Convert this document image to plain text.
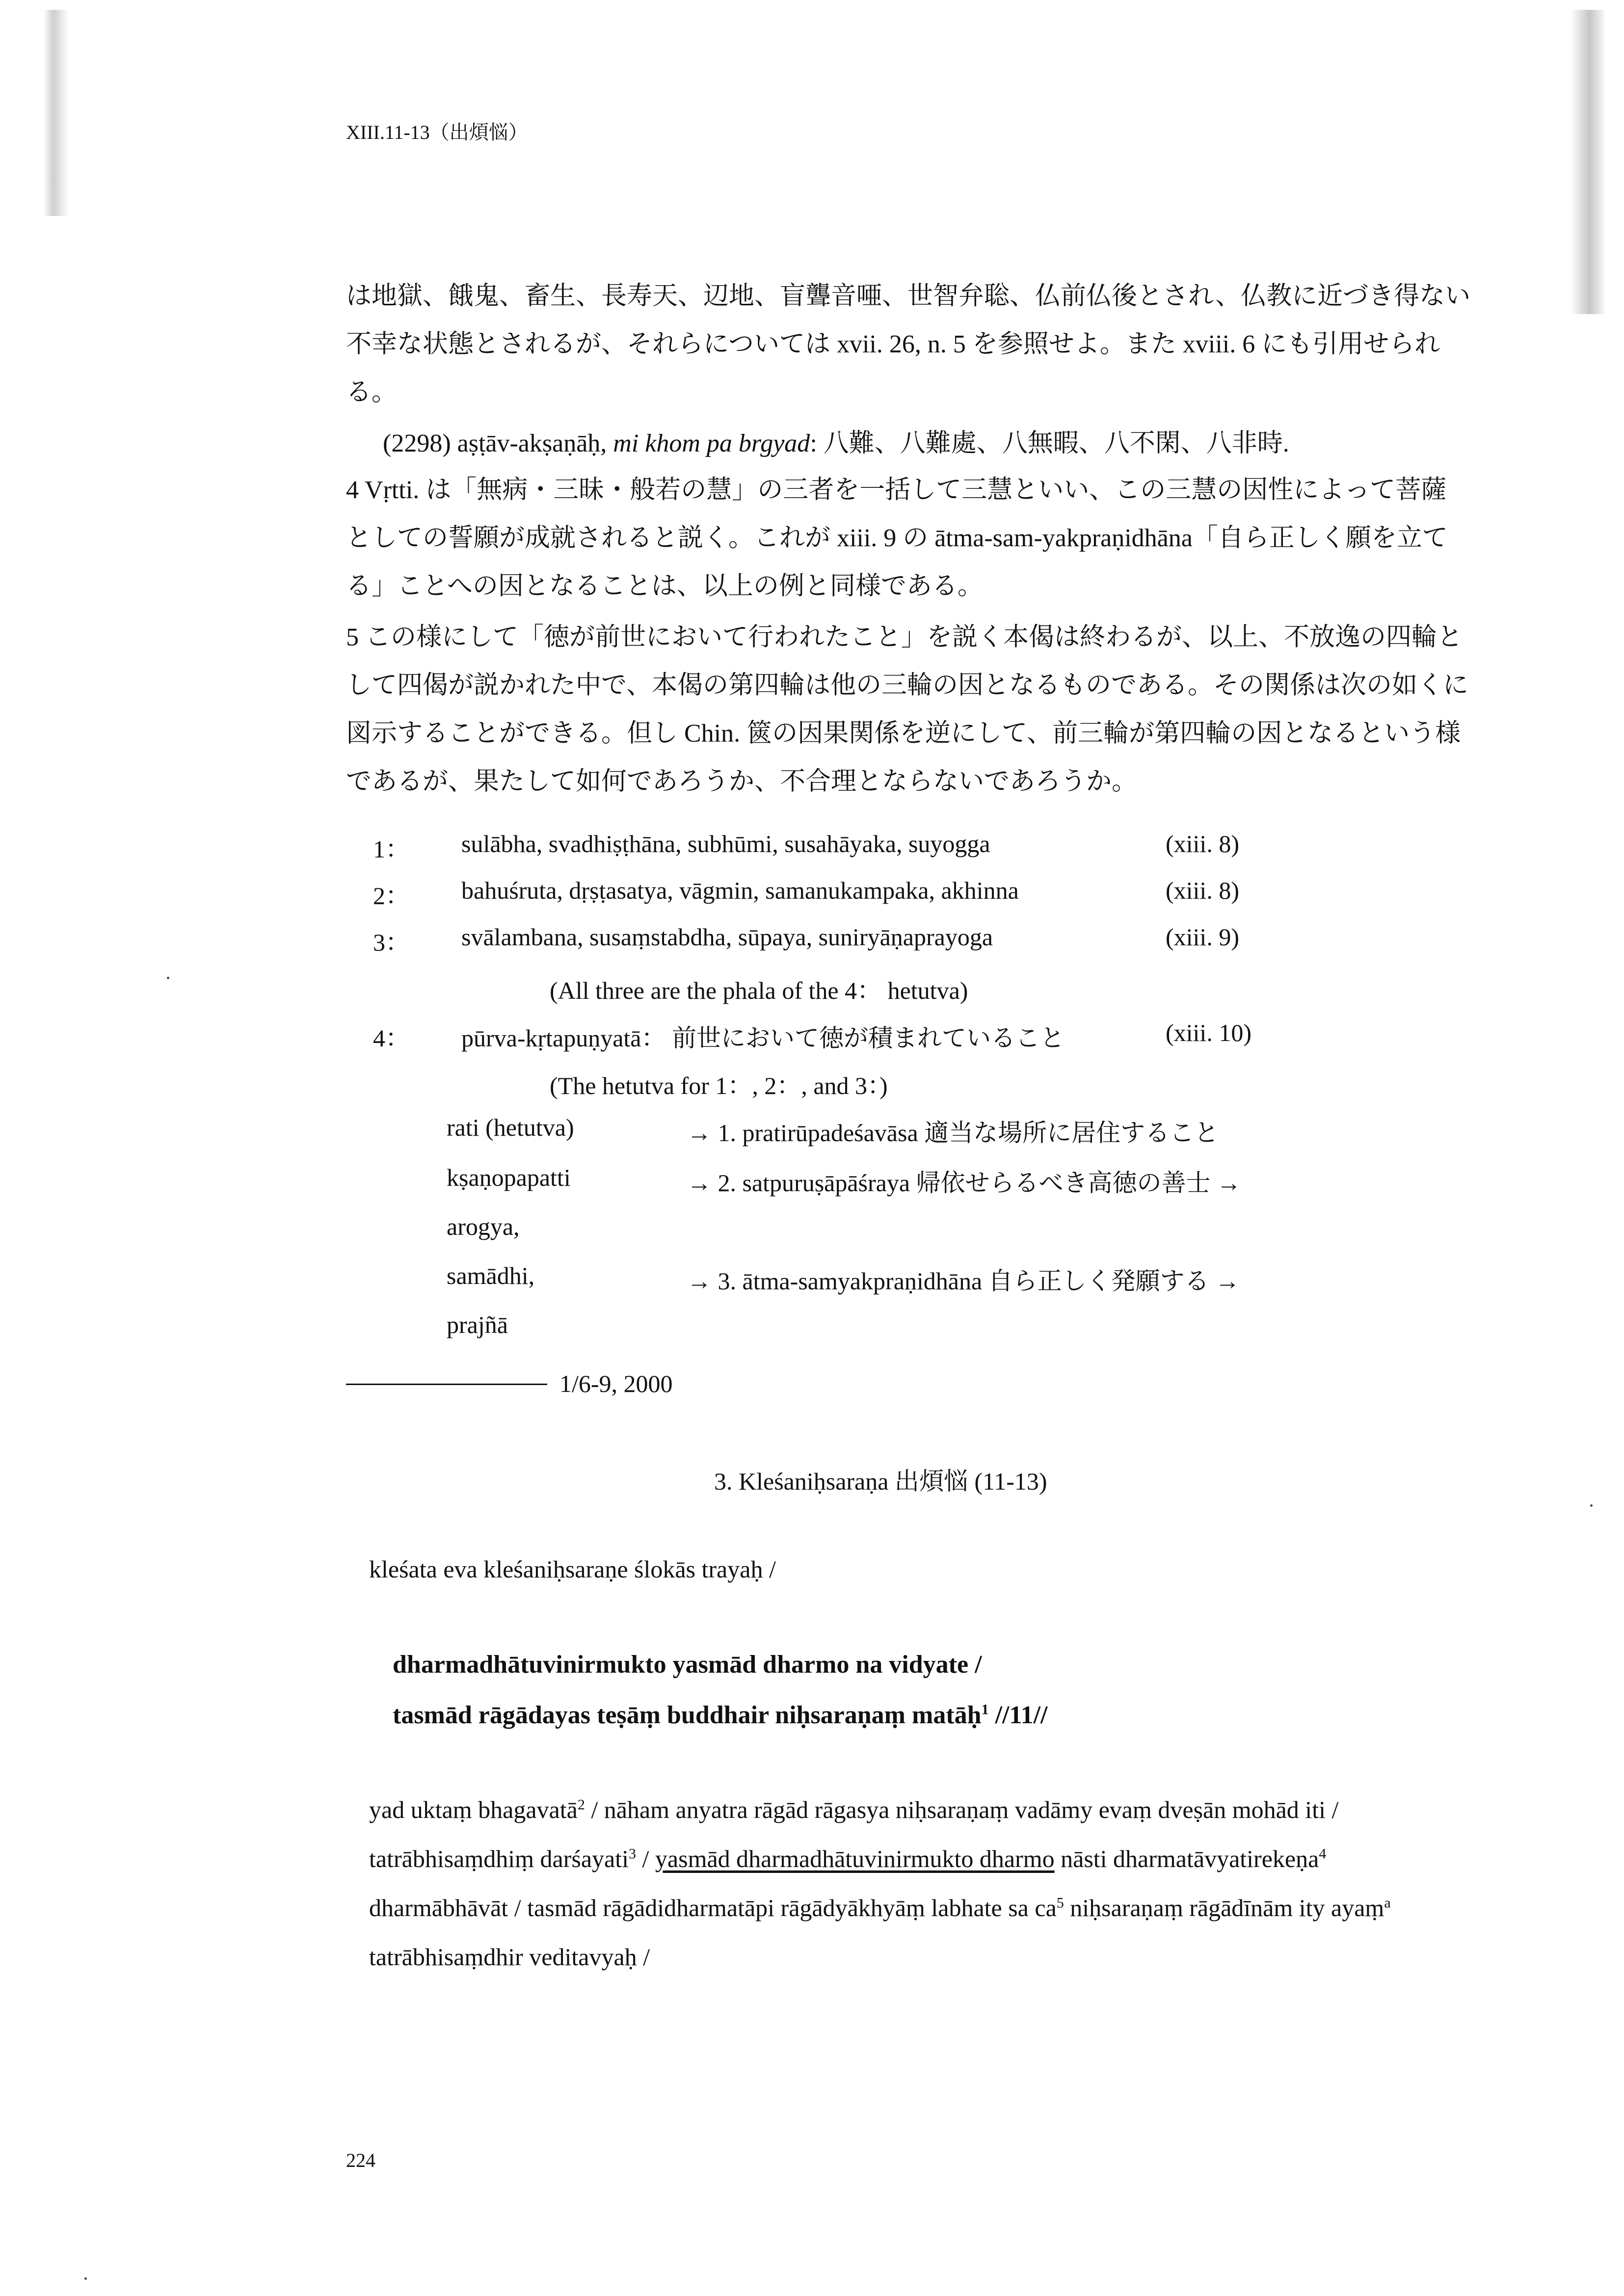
XIII.11-13（出煩悩）
は地獄、餓鬼、畜生、長寿天、辺地、盲聾音唖、世智弁聡、仏前仏後とされ、仏教に近づき得ない
不幸な状態とされるが、それらについては xvii. 26, n. 5 を参照せよ。また xviii. 6 にも引用せられ
る。
(2298) aṣṭāv-akṣaṇāḥ, mi khom pa brgyad: 八難、八難處、八無暇、八不閑、八非時.
4 Vṛtti. は「無病・三昧・般若の慧」の三者を一括して三慧といい、この三慧の因性によって菩薩
としての誓願が成就されると説く。これが xiii. 9 の ātma-sam-yakpraṇidhāna「自ら正しく願を立て
る」ことへの因となることは、以上の例と同様である。
5 この様にして「徳が前世において行われたこと」を説く本偈は終わるが、以上、不放逸の四輪と
して四偈が説かれた中で、本偈の第四輪は他の三輪の因となるものである。その関係は次の如くに
図示することができる。但し Chin. 篋の因果関係を逆にして、前三輪が第四輪の因となるという様
であるが、果たして如何であろうか、不合理とならないであろうか。
1： sulābha, svadhiṣṭhāna, subhūmi, susahāyaka, suyogga	(xiii. 8)
2： bahuśruta, dṛṣṭasatya, vāgmin, samanukampaka, akhinna	(xiii. 8)
3： svālambana, susaṃstabdha, sūpaya, suniryāṇaprayoga	(xiii. 9)
(All three are the phala of the 4： hetutva)
4： pūrva-kṛtapuṇyatā： 前世において徳が積まれていること	(xiii. 10)
(The hetutva for 1：, 2：, and 3：)
rati (hetutva)	→ 1. pratirūpadeśavāsa 適当な場所に居住すること
kṣaṇopapatti	→ 2. satpuruṣāpāśraya 帰依せらるべき高徳の善士 →
arogya,
samādhi,	→ 3. ātma-samyakpraṇidhāna 自ら正しく発願する →
prajñā
1/6-9, 2000
3. Kleśaniḥsaraṇa 出煩悩 (11-13)
kleśata eva kleśaniḥsaraṇe ślokās trayaḥ /
dharmadhātuvinirmukto yasmād dharmo na vidyate /
tasmād rāgādayas teṣāṃ buddhair niḥsaraṇaṃ matāḥ$^1$ //11//
yad uktaṃ bhagavatā$^2$ / nāham anyatra rāgād rāgasya niḥsaraṇaṃ vadāmy evaṃ dveṣān mohād iti /
tatrābhisaṃdhiṃ darśayati$^3$ / yasmād dharmadhātuvinirmukto dharmo nāsti dharmatāvyatirekeṇa$^4$
dharmābhāvāt / tasmād rāgādidharmatāpi rāgādyākhyāṃ labhate sa $ca^5$ niḥsaraṇaṃ rāgādīnām ity ayaṃ$^a$
tatrābhisaṃdhir veditavyaḥ /
224
